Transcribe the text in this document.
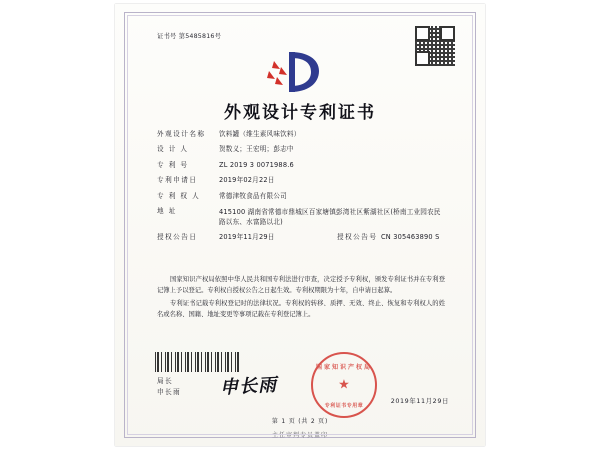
证书号 第5485816号
外观设计专利证书
外观设计名称	饮料罐（维生素风味饮料）
设 计 人	贺数义；王宏明；彭志中
专 利 号	ZL 2019 3 0071988.6
专利申请日	2019年02月22日
专 利 权 人	常德津牧食品有限公司
地 址	415100 湖南省常德市鼎城区百家塘镇彭湾社区紫湖社区(桥南工业园农民路以东、水富路以北)
授权公告日	2019年11月29日	授权公告号 CN 305463890 S

国家知识产权局依照中华人民共和国专利法进行审查，决定授予专利权，颁发专利证书并在专利登记簿上予以登记。专利权自授权公告之日起生效。专利权期限为十年，自申请日起算。

专利证书记载专利权登记时的法律状况。专利权的转移、质押、无效、终止、恢复和专利权人的姓名或名称、国籍、地址变更等事项记载在专利登记簿上。

局长
申长雨 申长雨
国家知识产权局
★
专利证书专用章
2019年11月29日
第 1 页 (共 2 页)
主任审判专员盖印
